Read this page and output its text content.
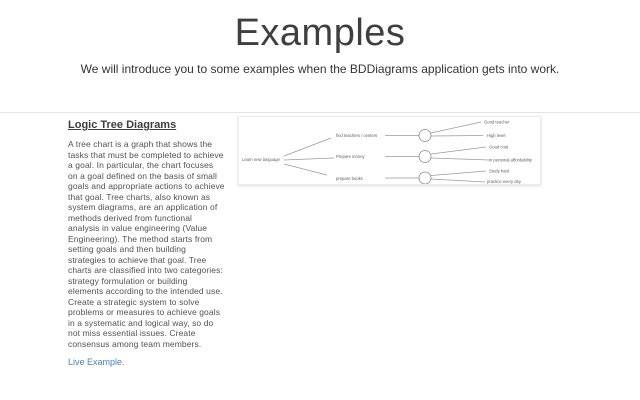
Examples

We will introduce you to some examples when the BDDiagrams application gets into work.

Logic Tree Diagrams

A tree chart is a graph that shows the tasks that must be completed to achieve a goal. In particular, the chart focuses on a goal defined on the basis of small goals and appropriate actions to achieve that goal. Tree charts, also known as system diagrams, are an application of methods derived from functional analysis in value engineering (Value Engineering). The method starts from setting goals and then building strategies to achieve that goal. Tree charts are classified into two categories: strategy formulation or building elements according to the intended use. Create a strategic system to solve problems or measures to achieve goals in a systematic and logical way, so do not miss essential issues. Create consensus among team members.

Live Example.
Learn new language
find teachers / centers
Prepare money
prepare books
Good teacher
High level
Good cost
in personal affordability
Study hard
practice every day
